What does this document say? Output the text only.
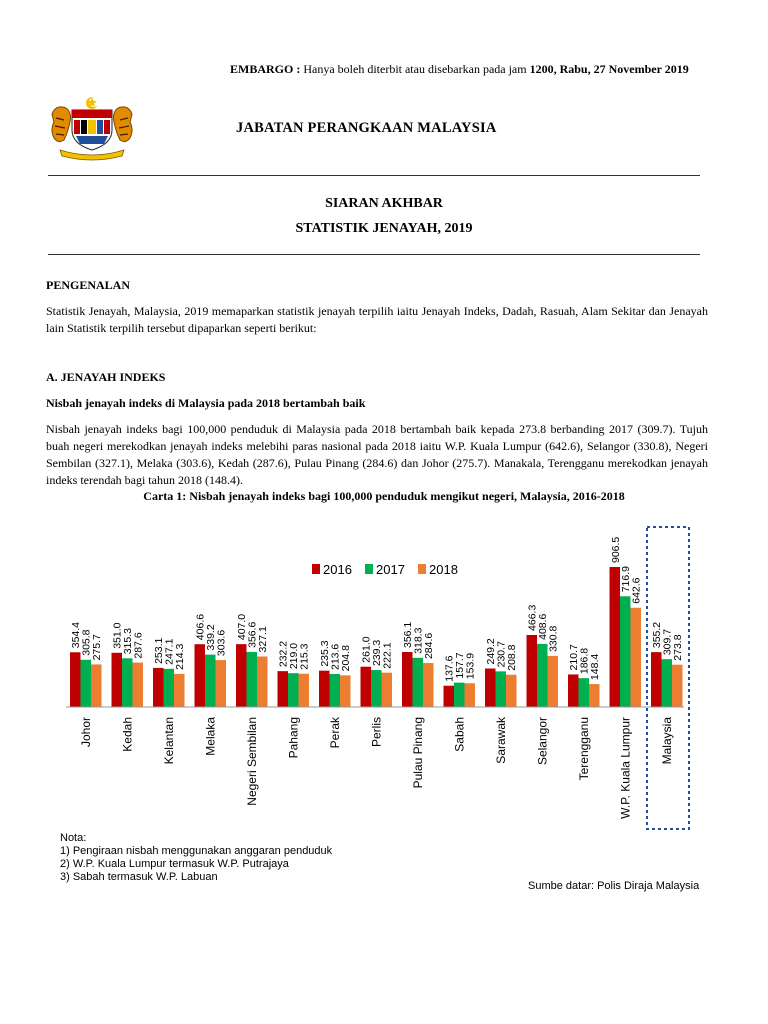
EMBARGO : Hanya boleh diterbit atau disebarkan pada jam 1200, Rabu, 27 November 2019
JABATAN PERANGKAAN MALAYSIA
SIARAN AKHBAR
STATISTIK JENAYAH, 2019
PENGENALAN
Statistik Jenayah, Malaysia, 2019 memaparkan statistik jenayah terpilih iaitu Jenayah Indeks, Dadah, Rasuah, Alam Sekitar dan Jenayah lain Statistik terpilih tersebut dipaparkan seperti berikut:
A. JENAYAH INDEKS
Nisbah jenayah indeks di Malaysia pada 2018 bertambah baik
Nisbah jenayah indeks bagi 100,000 penduduk di Malaysia pada 2018 bertambah baik kepada 273.8 berbanding 2017 (309.7). Tujuh buah negeri merekodkan jenayah indeks melebihi paras nasional pada 2018 iaitu W.P. Kuala Lumpur (642.6), Selangor (330.8), Negeri Sembilan (327.1), Melaka (303.6), Kedah (287.6), Pulau Pinang (284.6) dan Johor (275.7). Manakala, Terengganu merekodkan jenayah indeks terendah bagi tahun 2018 (148.4).
Carta 1: Nisbah jenayah indeks bagi 100,000 penduduk mengikut negeri, Malaysia, 2016-2018
2016 2017 2018
354.4
305.8
275.7 351.0
315.3
287.6 253.1
247.1
214.3
406.6
339.2
303.6
407.0
356.6
327.1
232.2
219.0
215.3 235.3
213.6
204.8 261.0
239.3
222.1
356.1
318.3
284.6
137.6
157.7
153.9
249.2
230.7
208.8
466.3
408.6
330.8
210.7
186.8
148.4
906.5
716.9
642.6
355.2
309.7
273.8
Johor Kedah Kelantan Melaka Negeri Sembilan Pahang Perak Perlis Pulau Pinang Sabah Sarawak Selangor Terengganu W.P. Kuala Lumpur Malaysia
Nota:
1) Pengiraan nisbah menggunakan anggaran penduduk
2) W.P. Kuala Lumpur termasuk W.P. Putrajaya
3) Sabah termasuk W.P. Labuan
Sumbe datar: Polis Diraja Malaysia
